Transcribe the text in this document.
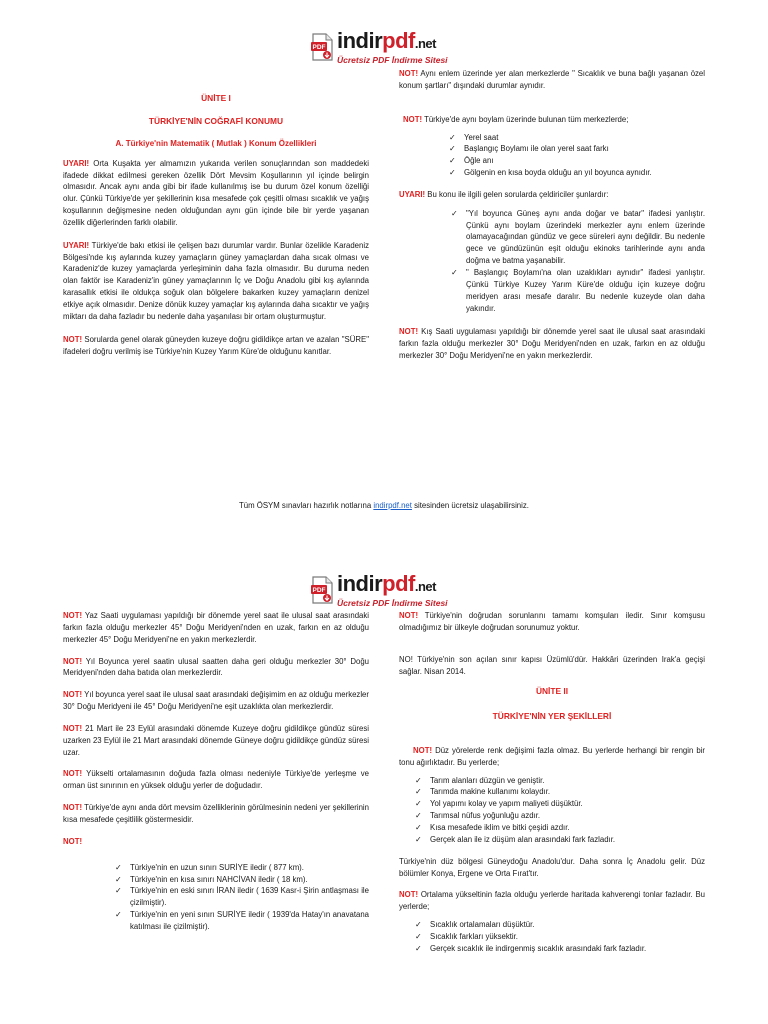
PDF indirpdf.net
Ücretsiz PDF İndirme Sitesi
ÜNİTE I
TÜRKİYE'NİN COĞRAFİ KONUMU
A. Türkiye'nin Matematik ( Mutlak ) Konum Özellikleri
UYARI! Orta Kuşakta yer almamızın yukarıda verilen sonuçlarından son maddedeki ifadede dikkat edilmesi gereken özellik Dört Mevsim Koşullarının yıl içinde belirgin olmasıdır. Ancak aynı anda gibi bir ifade kullanılmış ise bu durum özel konum özelliği olur. Çünkü Türkiye'de yer şekillerinin kısa mesafede çok çeşitli olması sıcaklık ve yağış koşullarının değişmesine neden olduğundan aynı gün içinde bile bir yerde yaşanan özellik diğerlerinden farklı olabilir.
UYARI! Türkiye'de bakı etkisi ile çelişen bazı durumlar vardır. Bunlar özelikle Karadeniz Bölgesi'nde kış aylarında kuzey yamaçların güney yamaçlardan daha sıcak olması ve Karadeniz'de kuzey yamaçlarda yerleşiminin daha fazla olmasıdır. Bu duruma neden olan faktör ise Karadeniz'in güney yamaçlarının İç ve Doğu Anadolu gibi kış aylarında karasallık etkisi ile oldukça soğuk olan bölgelere bakarken kuzey yamaçların denizel etkiye açık olmasıdır. Denize dönük kuzey yamaçlar kış aylarında daha sıcaktır ve yağış miktarı da daha fazladır bu nedenle daha yaşanılası bir ortam oluşturmuştur.
NOT! Sorularda genel olarak güneyden kuzeye doğru gidildikçe artan ve azalan "SÜRE" ifadeleri doğru verilmiş ise Türkiye'nin Kuzey Yarım Küre'de olduğunu kanıtlar.
NOT! Aynı enlem üzerinde yer alan merkezlerde " Sıcaklık ve buna bağlı yaşanan özel konum şartları" dışındaki durumlar aynıdır.
NOT! Türkiye'de aynı boylam üzerinde bulunan tüm merkezlerde;
✓ Yerel saat
✓ Başlangıç Boylamı ile olan yerel saat farkı
✓ Öğle anı
✓ Gölgenin en kısa boyda olduğu an yıl boyunca aynıdır.
UYARI! Bu konu ile ilgili gelen sorularda çeldiriciler şunlardır:
✓ "Yıl boyunca Güneş aynı anda doğar ve batar" ifadesi yanlıştır. Çünkü aynı boylam üzerindeki merkezler aynı enlem üzerinde olamayacağından gündüz ve gece süreleri aynı değildir. Bu nedenle gece ve gündüzünün eşit olduğu ekinoks tarihlerinde aynı anda doğma ve batma yaşanabilir.
✓ " Başlangıç Boylamı'na olan uzaklıkları aynıdır" ifadesi yanlıştır. Çünkü Türkiye Kuzey Yarım Küre'de olduğu için kuzeye doğru meridyen arası mesafe daralır. Bu nedenle kuzeyde olan daha yakındır.
NOT! Kış Saati uygulaması yapıldığı bir dönemde yerel saat ile ulusal saat arasındaki farkın fazla olduğu merkezler 30° Doğu Meridyeni'nden en uzak, farkın en az olduğu merkezler 30° Doğu Meridyeni'ne en yakın merkezlerdir.
Tüm ÖSYM sınavları hazırlık notlarına indirpdf.net sitesinden ücretsiz ulaşabilirsiniz.
PDF indirpdf.net
Ücretsiz PDF İndirme Sitesi
NOT! Yaz Saati uygulaması yapıldığı bir dönemde yerel saat ile ulusal saat arasındaki farkın fazla olduğu merkezler 45° Doğu Meridyeni'nden en uzak, farkın en az olduğu merkezler 45° Doğu Meridyeni'ne en yakın merkezlerdir.
NOT! Yıl Boyunca yerel saatin ulusal saatten daha geri olduğu merkezler 30° Doğu Meridyeni'nden daha batıda olan merkezlerdir.
NOT! Yıl boyunca yerel saat ile ulusal saat arasındaki değişimim en az olduğu merkezler 30° Doğu Meridyeni ile 45° Doğu Meridyeni'ne eşit uzaklıkta olan merkezlerdir.
NOT! 21 Mart ile 23 Eylül arasındaki dönemde Kuzeye doğru gidildikçe gündüz süresi uzarken 23 Eylül ile 21 Mart arasındaki dönemde Güneye doğru gidildikçe gündüz süresi uzar.
NOT! Yükselti ortalamasının doğuda fazla olması nedeniyle Türkiye'de yerleşme ve orman üst sınırının en yüksek olduğu yerler de doğudadır.
NOT! Türkiye'de aynı anda dört mevsim özelliklerinin görülmesinin nedeni yer şekillerinin kısa mesafede çeşitlilik göstermesidir.
NOT!
✓ Türkiye'nin en uzun sınırı SURİYE iledir ( 877 km).
✓ Türkiye'nin en kısa sınırı NAHCİVAN iledir ( 18 km).
✓ Türkiye'nin en eski sınırı İRAN iledir ( 1639 Kasr-i Şirin antlaşması ile çizilmiştir).
✓ Türkiye'nin en yeni sınırı SURİYE iledir ( 1939'da Hatay'ın anavatana katılması ile çizilmiştir).
NOT! Türkiye'nin doğrudan sorunlarını tamamı komşuları iledir. Sınır komşusu olmadığımız bir ülkeyle doğrudan sorunumuz yoktur.
NO! Türkiye'nin son açılan sınır kapısı Üzümlü'dür. Hakkâri üzerinden Irak'a geçişi sağlar. Nisan 2014.
ÜNİTE II
TÜRKİYE'NİN YER ŞEKİLLERİ
NOT! Düz yörelerde renk değişimi fazla olmaz. Bu yerlerde herhangi bir rengin bir tonu ağırlıktadır. Bu yerlerde;
✓ Tarım alanları düzgün ve geniştir.
✓ Tarımda makine kullanımı kolaydır.
✓ Yol yapımı kolay ve yapım maliyeti düşüktür.
✓ Tarımsal nüfus yoğunluğu azdır.
✓ Kısa mesafede iklim ve bitki çeşidi azdır.
✓ Gerçek alan ile iz düşüm alan arasındaki fark fazladır.
Türkiye'nin düz bölgesi Güneydoğu Anadolu'dur. Daha sonra İç Anadolu gelir. Düz bölümler Konya, Ergene ve Orta Fırat'tır.
NOT! Ortalama yükseltinin fazla olduğu yerlerde haritada kahverengi tonlar fazladır. Bu yerlerde;
✓ Sıcaklık ortalamaları düşüktür.
✓ Sıcaklık farkları yüksektir.
✓ Gerçek sıcaklık ile indirgenmiş sıcaklık arasındaki fark fazladır.
